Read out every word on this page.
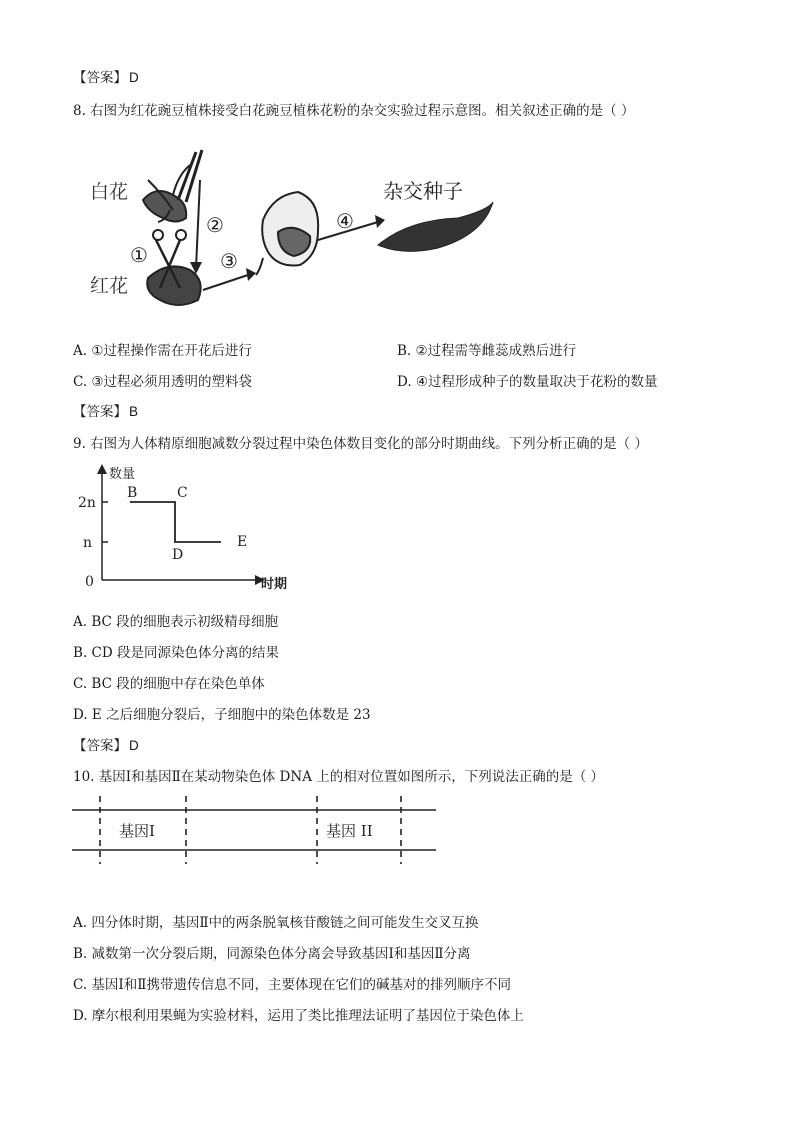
【答案】 D
8. 右图为红花豌豆植株接受白花豌豆植株花粉的杂交实验过程示意图。相关叙述正确的是（ ）
白花
红花
①
②
③
④
杂交种子
A. ①过程操作需在开花后进行	B. ②过程需等雌蕊成熟后进行
C. ③过程必须用透明的塑料袋	D. ④过程形成种子的数量取决于花粉的数量
【答案】 B
9. 右图为人体精原细胞减数分裂过程中染色体数目变化的部分时期曲线。下列分析正确的是（ ）
数量
时期
0
2n
n
B	C
D
E
A. BC 段的细胞表示初级精母细胞
B. CD 段是同源染色体分离的结果
C. BC 段的细胞中存在染色单体
D. E 之后细胞分裂后，子细胞中的染色体数是 23
【答案】 D
10. 基因Ⅰ和基因Ⅱ在某动物染色体 DNA 上的相对位置如图所示，下列说法正确的是（ ）
基因I	基因 II
A. 四分体时期，基因Ⅱ中的两条脱氧核苷酸链之间可能发生交叉互换
B. 减数第一次分裂后期，同源染色体分离会导致基因Ⅰ和基因Ⅱ分离
C. 基因Ⅰ和Ⅱ携带遗传信息不同，主要体现在它们的碱基对的排列顺序不同
D. 摩尔根利用果蝇为实验材料，运用了类比推理法证明了基因位于染色体上
